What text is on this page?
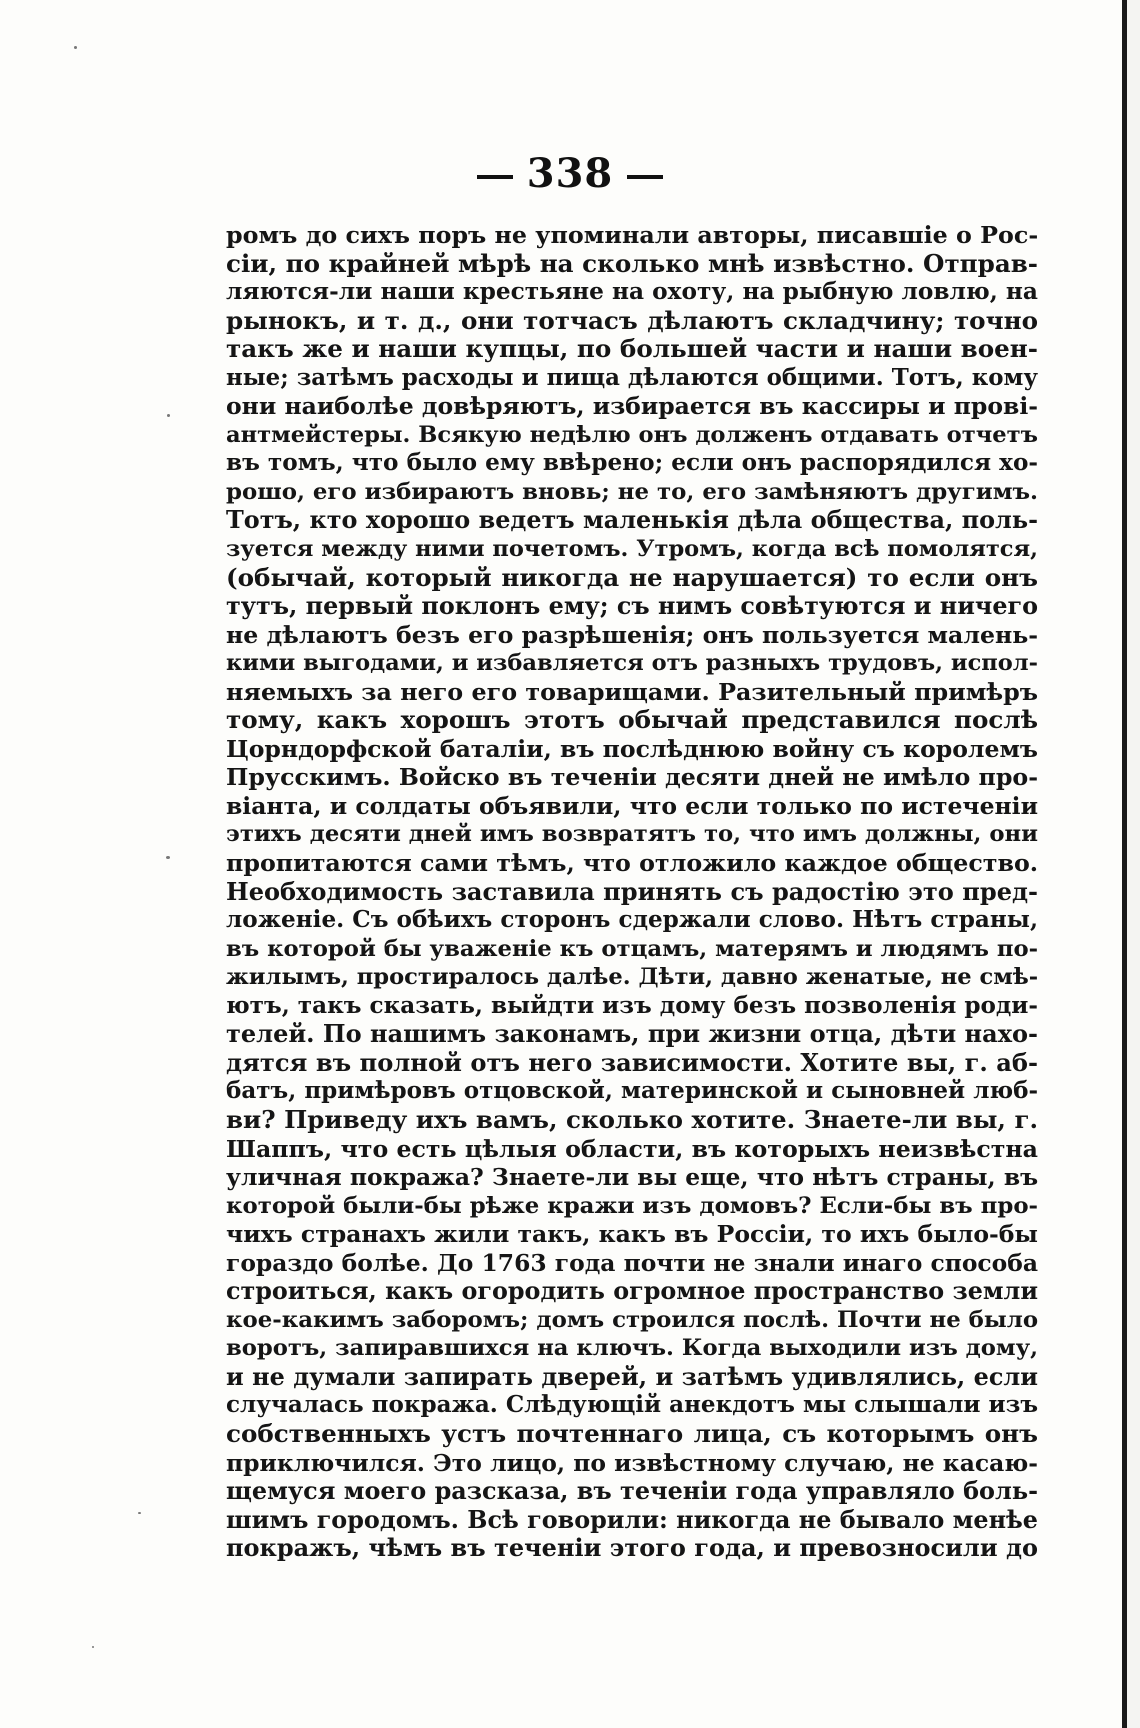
338
ромъ до сихъ поръ не упоминали авторы, писавшіе о Рос-
сіи, по крайней мѣрѣ на сколько мнѣ извѣстно. Отправ-
ляются-ли наши крестьяне на охоту, на рыбную ловлю, на
рынокъ, и т. д., они тотчасъ дѣлаютъ складчину; точно
такъ же и наши купцы, по большей части и наши воен-
ные; затѣмъ расходы и пища дѣлаются общими. Тотъ, кому
они наиболѣе довѣряютъ, избирается въ кассиры и прові-
антмейстеры. Всякую недѣлю онъ долженъ отдавать отчетъ
въ томъ, что было ему ввѣрено; если онъ распорядился хо-
рошо, его избираютъ вновь; не то, его замѣняютъ другимъ.
Тотъ, кто хорошо ведетъ маленькія дѣла общества, поль-
зуется между ними почетомъ. Утромъ, когда всѣ помолятся,
(обычай, который никогда не нарушается) то если онъ
тутъ, первый поклонъ ему; съ нимъ совѣтуются и ничего
не дѣлаютъ безъ его разрѣшенія; онъ пользуется малень-
кими выгодами, и избавляется отъ разныхъ трудовъ, испол-
няемыхъ за него его товарищами. Разительный примѣръ
тому, какъ хорошъ этотъ обычай представился послѣ
Цорндорфской баталіи, въ послѣднюю войну съ королемъ
Прусскимъ. Войско въ теченіи десяти дней не имѣло про-
віанта, и солдаты объявили, что если только по истеченіи
этихъ десяти дней имъ возвратятъ то, что имъ должны, они
пропитаются сами тѣмъ, что отложило каждое общество.
Необходимость заставила принять съ радостію это пред-
ложеніе. Съ обѣихъ сторонъ сдержали слово. Нѣтъ страны,
въ которой бы уваженіе къ отцамъ, матерямъ и людямъ по-
жилымъ, простиралось далѣе. Дѣти, давно женатые, не смѣ-
ютъ, такъ сказать, выйдти изъ дому безъ позволенія роди-
телей. По нашимъ законамъ, при жизни отца, дѣти нахо-
дятся въ полной отъ него зависимости. Хотите вы, г. аб-
батъ, примѣровъ отцовской, материнской и сыновней люб-
ви? Приведу ихъ вамъ, сколько хотите. Знаете-ли вы, г.
Шаппъ, что есть цѣлыя области, въ которыхъ неизвѣстна
уличная покража? Знаете-ли вы еще, что нѣтъ страны, въ
которой были-бы рѣже кражи изъ домовъ? Если-бы въ про-
чихъ странахъ жили такъ, какъ въ Россіи, то ихъ было-бы
гораздо болѣе. До 1763 года почти не знали инаго способа
строиться, какъ огородить огромное пространство земли
кое-какимъ заборомъ; домъ строился послѣ. Почти не было
воротъ, запиравшихся на ключъ. Когда выходили изъ дому,
и не думали запирать дверей, и затѣмъ удивлялись, если
случалась покража. Слѣдующій анекдотъ мы слышали изъ
собственныхъ устъ почтеннаго лица, съ которымъ онъ
приключился. Это лицо, по извѣстному случаю, не касаю-
щемуся моего разсказа, въ теченіи года управляло боль-
шимъ городомъ. Всѣ говорили: никогда не бывало менѣе
покражъ, чѣмъ въ теченіи этого года, и превозносили до
